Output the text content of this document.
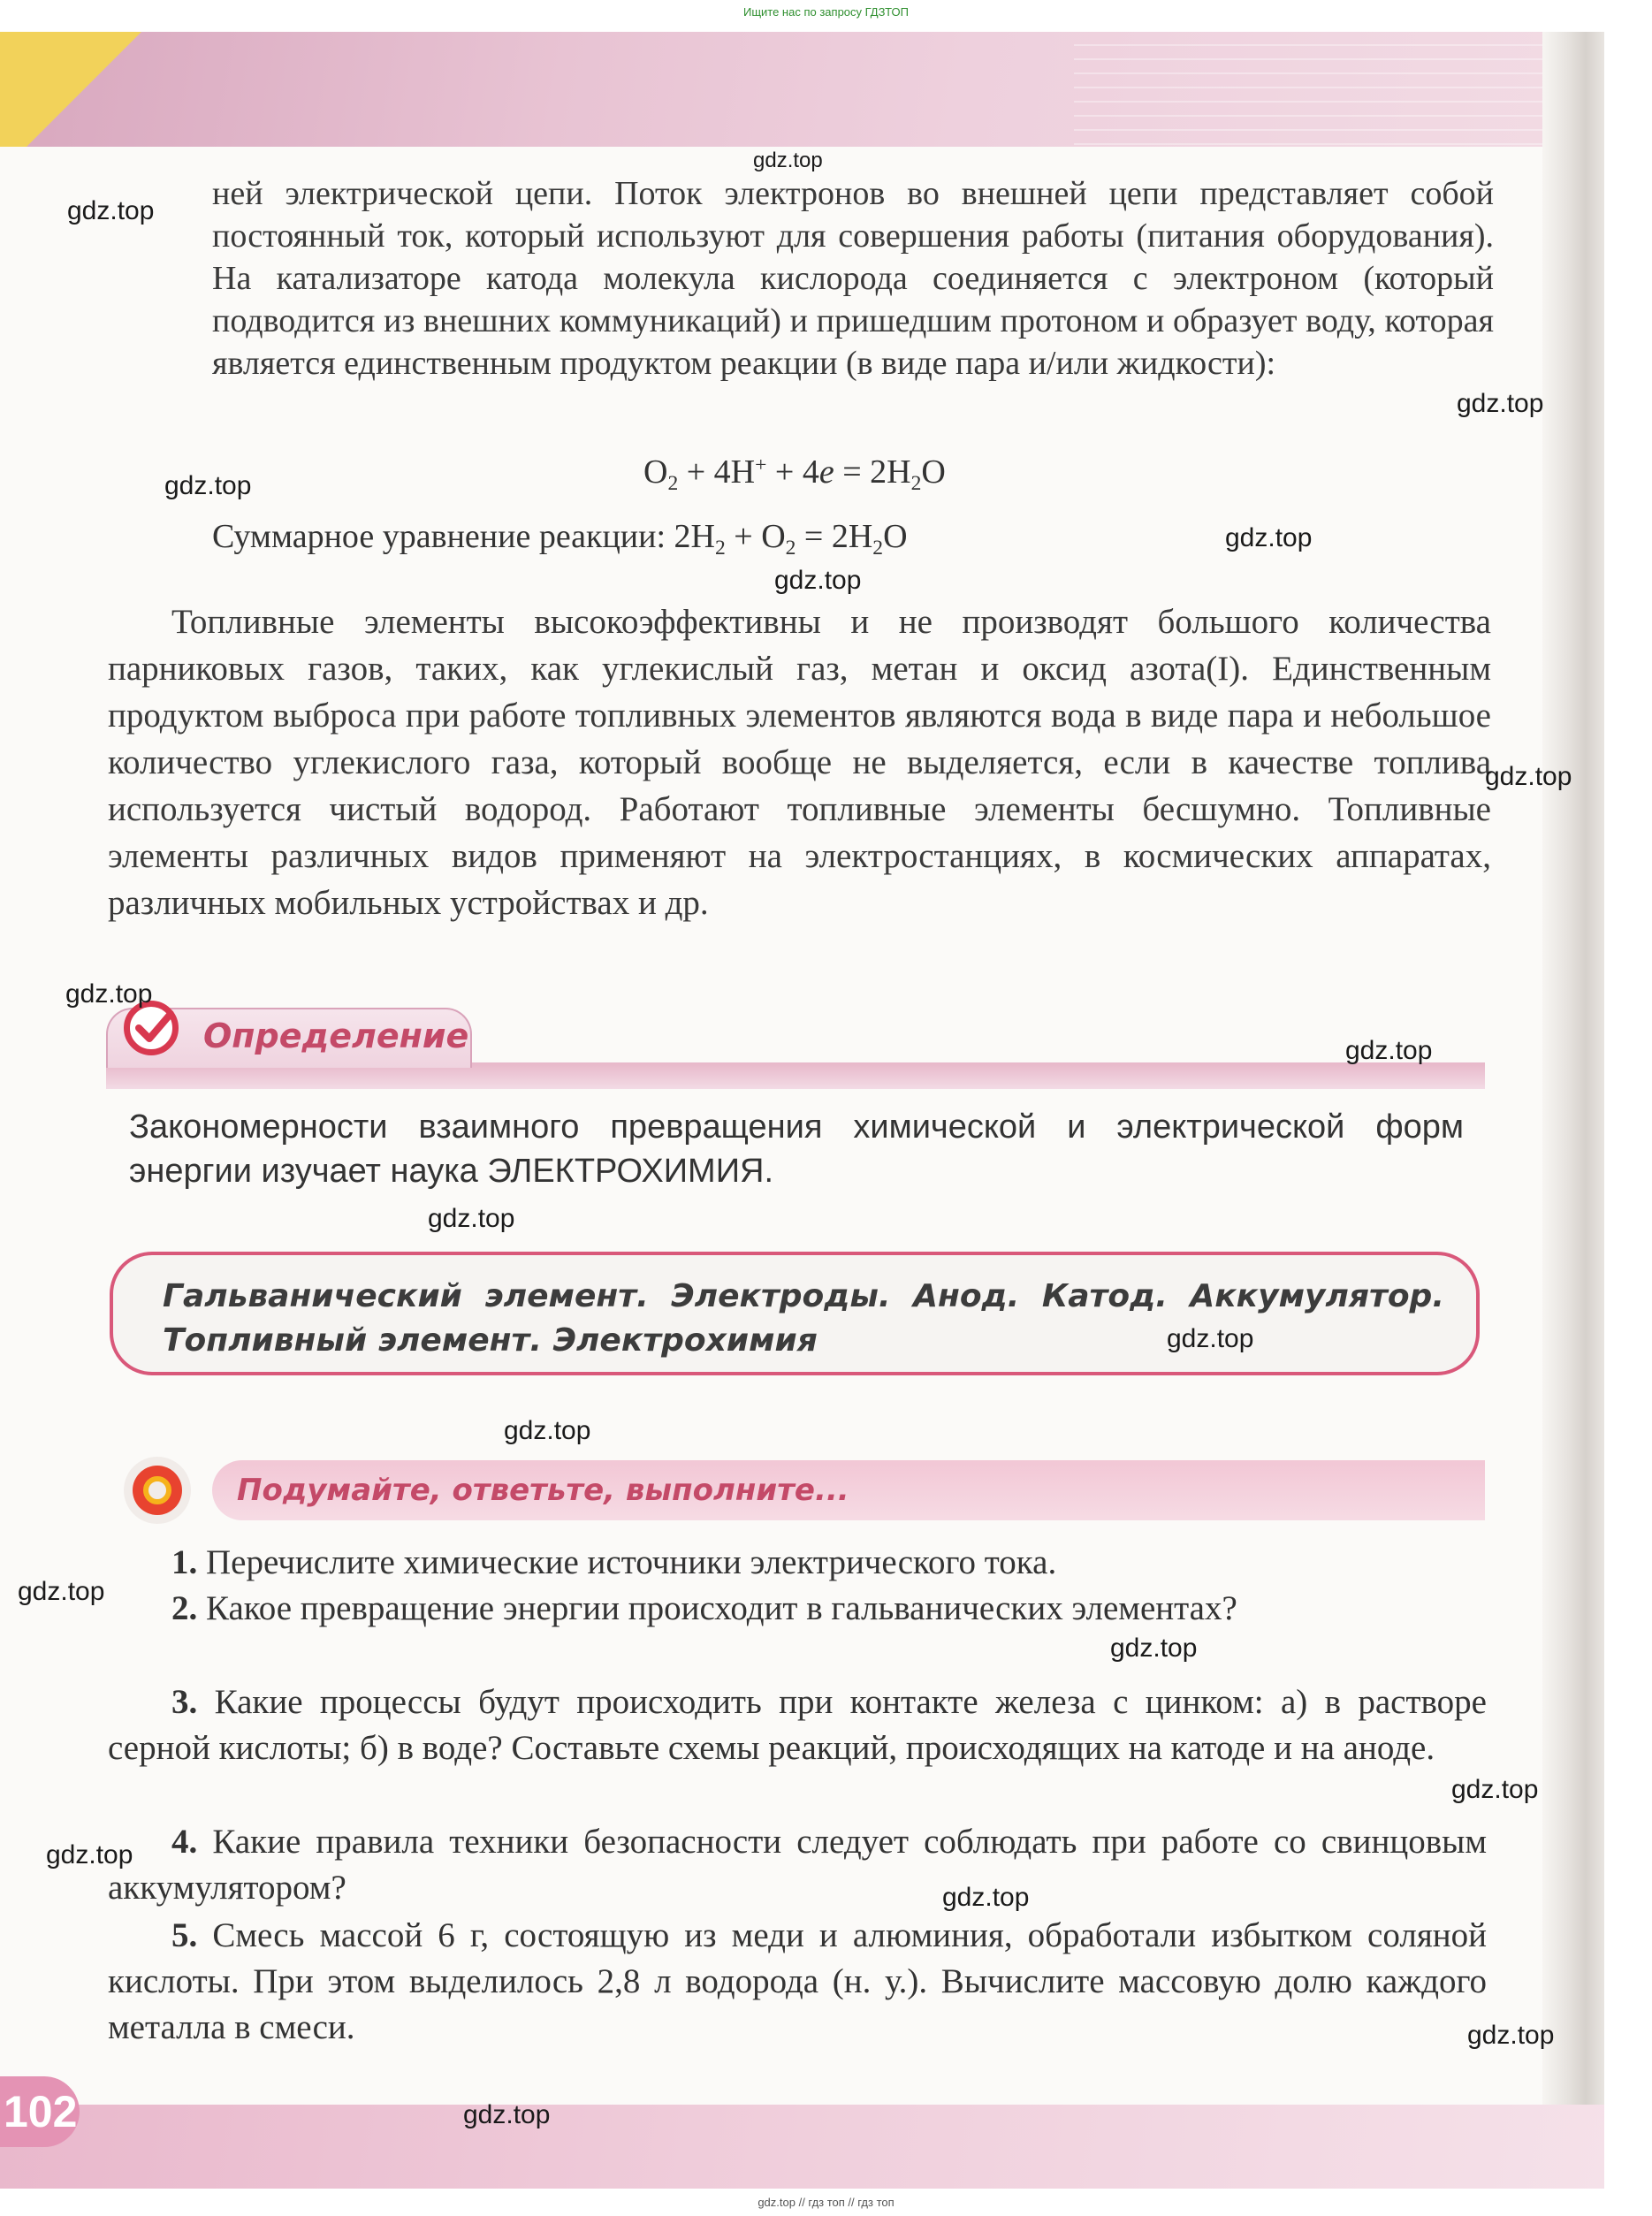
Ищите нас по запросу ГДЗТОП
102
ней электрической цепи. Поток электронов во внешней цепи представляет собой постоянный ток, который используют для совершения работы (питания оборудования). На катализаторе катода молекула кислорода соединяется с электроном (который подводится из внешних коммуникаций) и пришедшим протоном и образует воду, которая является единственным продуктом реакции (в виде пара и/или жидкости):
$O_2 + 4H^+ + 4e = 2H_2O$
Суммарное уравнение реакции: $2H_2 + O_2 = 2H_2O$
Топливные элементы высокоэффективны и не производят большого количества парниковых газов, таких, как углекислый газ, метан и оксид азота(I). Единственным продуктом выброса при работе топливных элементов являются вода в виде пара и небольшое количество углекислого газа, который вообще не выделяется, если в качестве топлива используется чистый водород. Работают топливные элементы бесшумно. Топливные элементы различных видов применяют на электростанциях, в космических аппаратах, различных мобильных устройствах и др.
Определение
Закономерности взаимного превращения химической и электрической форм энергии изучает наука ЭЛЕКТРОХИМИЯ.
Гальванический элемент. Электроды. Анод. Катод. Аккумулятор. Топливный элемент. Электрохимия
Подумайте, ответьте, выполните...
1. Перечислите химические источники электрического тока.
2. Какое превращение энергии происходит в гальванических элементах?
3. Какие процессы будут происходить при контакте железа с цинком: а) в растворе серной кислоты; б) в воде? Составьте схемы реакций, происходящих на катоде и на аноде.
4. Какие правила техники безопасности следует соблюдать при работе со свинцовым аккумулятором?
5. Смесь массой 6 г, состоящую из меди и алюминия, обработали избытком соляной кислоты. При этом выделилось 2,8 л водорода (н. у.). Вычислите массовую долю каждого металла в смеси.
gdz.top
gdz.top
gdz.top
gdz.top
gdz.top
gdz.top
gdz.top
gdz.top
gdz.top
gdz.top
gdz.top
gdz.top
gdz.top
gdz.top
gdz.top
gdz.top
gdz.top
gdz.top
gdz.top
gdz.top // гдз топ // гдз топ
